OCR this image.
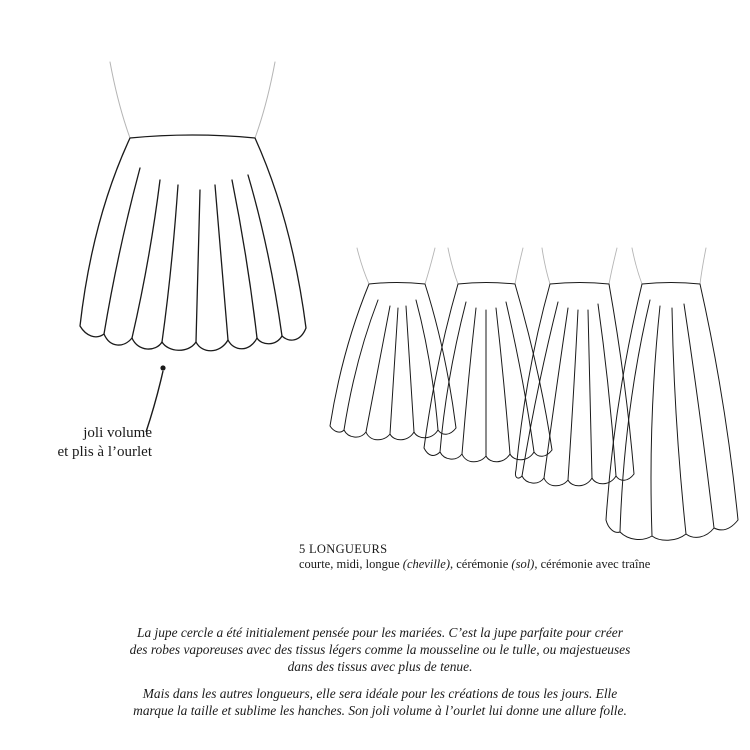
joli volume
et plis à l’ourlet
5 LONGUEURS
courte, midi, longue (cheville), cérémonie (sol), cérémonie avec traîne
La jupe cercle a été initialement pensée pour les mariées. C’est la jupe parfaite pour créer
des robes vaporeuses avec des tissus légers comme la mousseline ou le tulle, ou majestueuses
dans des tissus avec plus de tenue.
Mais dans les autres longueurs, elle sera idéale pour les créations de tous les jours. Elle
marque la taille et sublime les hanches. Son joli volume à l’ourlet lui donne une allure folle.
